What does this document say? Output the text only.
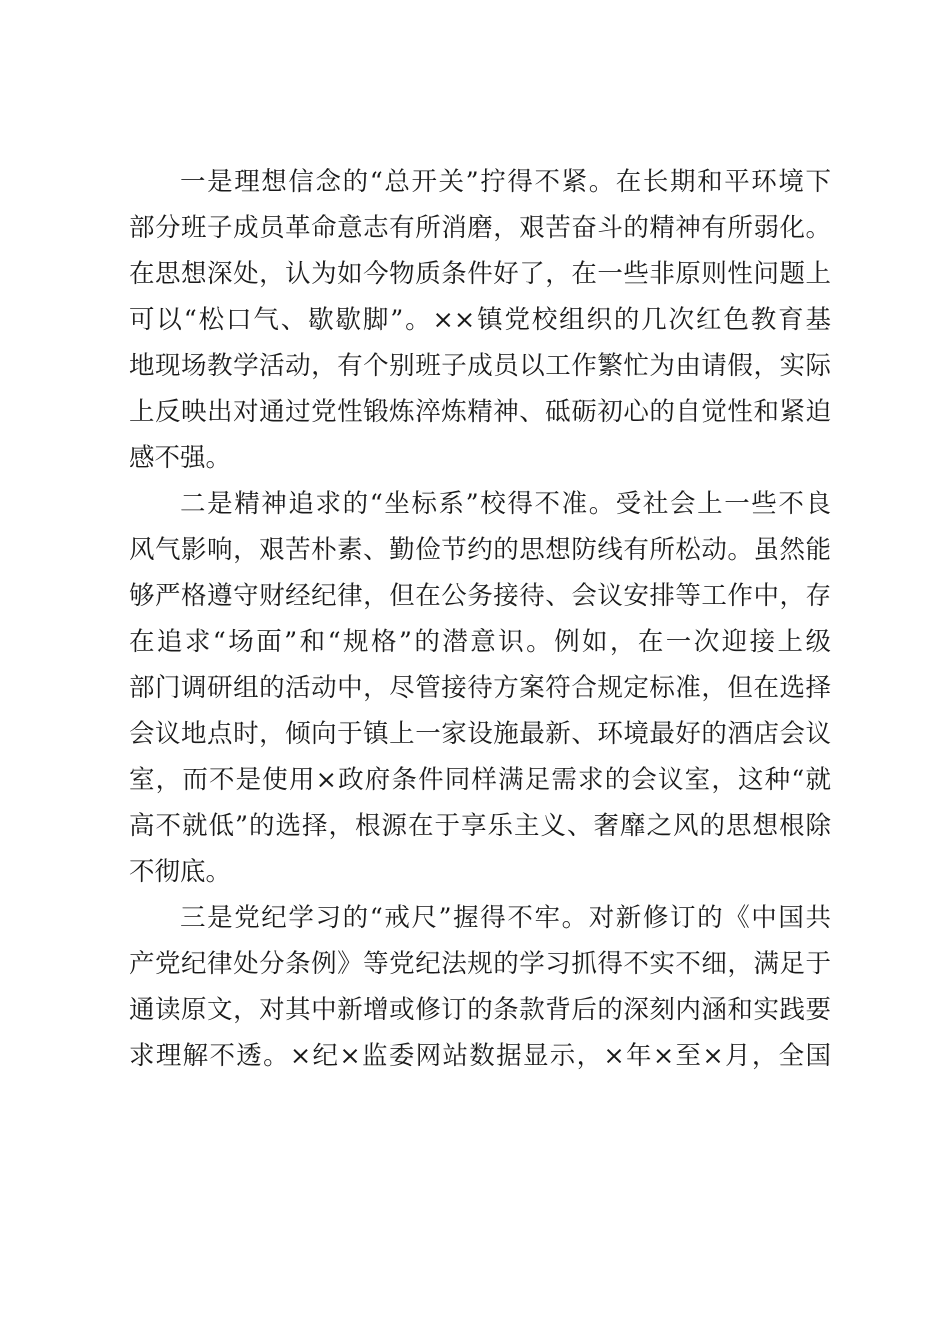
一是理想信念的“总开关”拧得不紧。在长期和平环境下
部分班子成员革命意志有所消磨，艰苦奋斗的精神有所弱化。
在思想深处，认为如今物质条件好了，在一些非原则性问题上
可以“松口气、歇歇脚”。××镇党校组织的几次红色教育基
地现场教学活动，有个别班子成员以工作繁忙为由请假，实际
上反映出对通过党性锻炼淬炼精神、砥砺初心的自觉性和紧迫
感不强。
二是精神追求的“坐标系”校得不准。受社会上一些不良
风气影响，艰苦朴素、勤俭节约的思想防线有所松动。虽然能
够严格遵守财经纪律，但在公务接待、会议安排等工作中，存
在追求“场面”和“规格”的潜意识。例如，在一次迎接上级
部门调研组的活动中，尽管接待方案符合规定标准，但在选择
会议地点时，倾向于镇上一家设施最新、环境最好的酒店会议
室，而不是使用×政府条件同样满足需求的会议室，这种“就
高不就低”的选择，根源在于享乐主义、奢靡之风的思想根除
不彻底。
三是党纪学习的“戒尺”握得不牢。对新修订的《中国共
产党纪律处分条例》等党纪法规的学习抓得不实不细，满足于
通读原文，对其中新增或修订的条款背后的深刻内涵和实践要
求理解不透。×纪×监委网站数据显示，×年×至×月，全国
